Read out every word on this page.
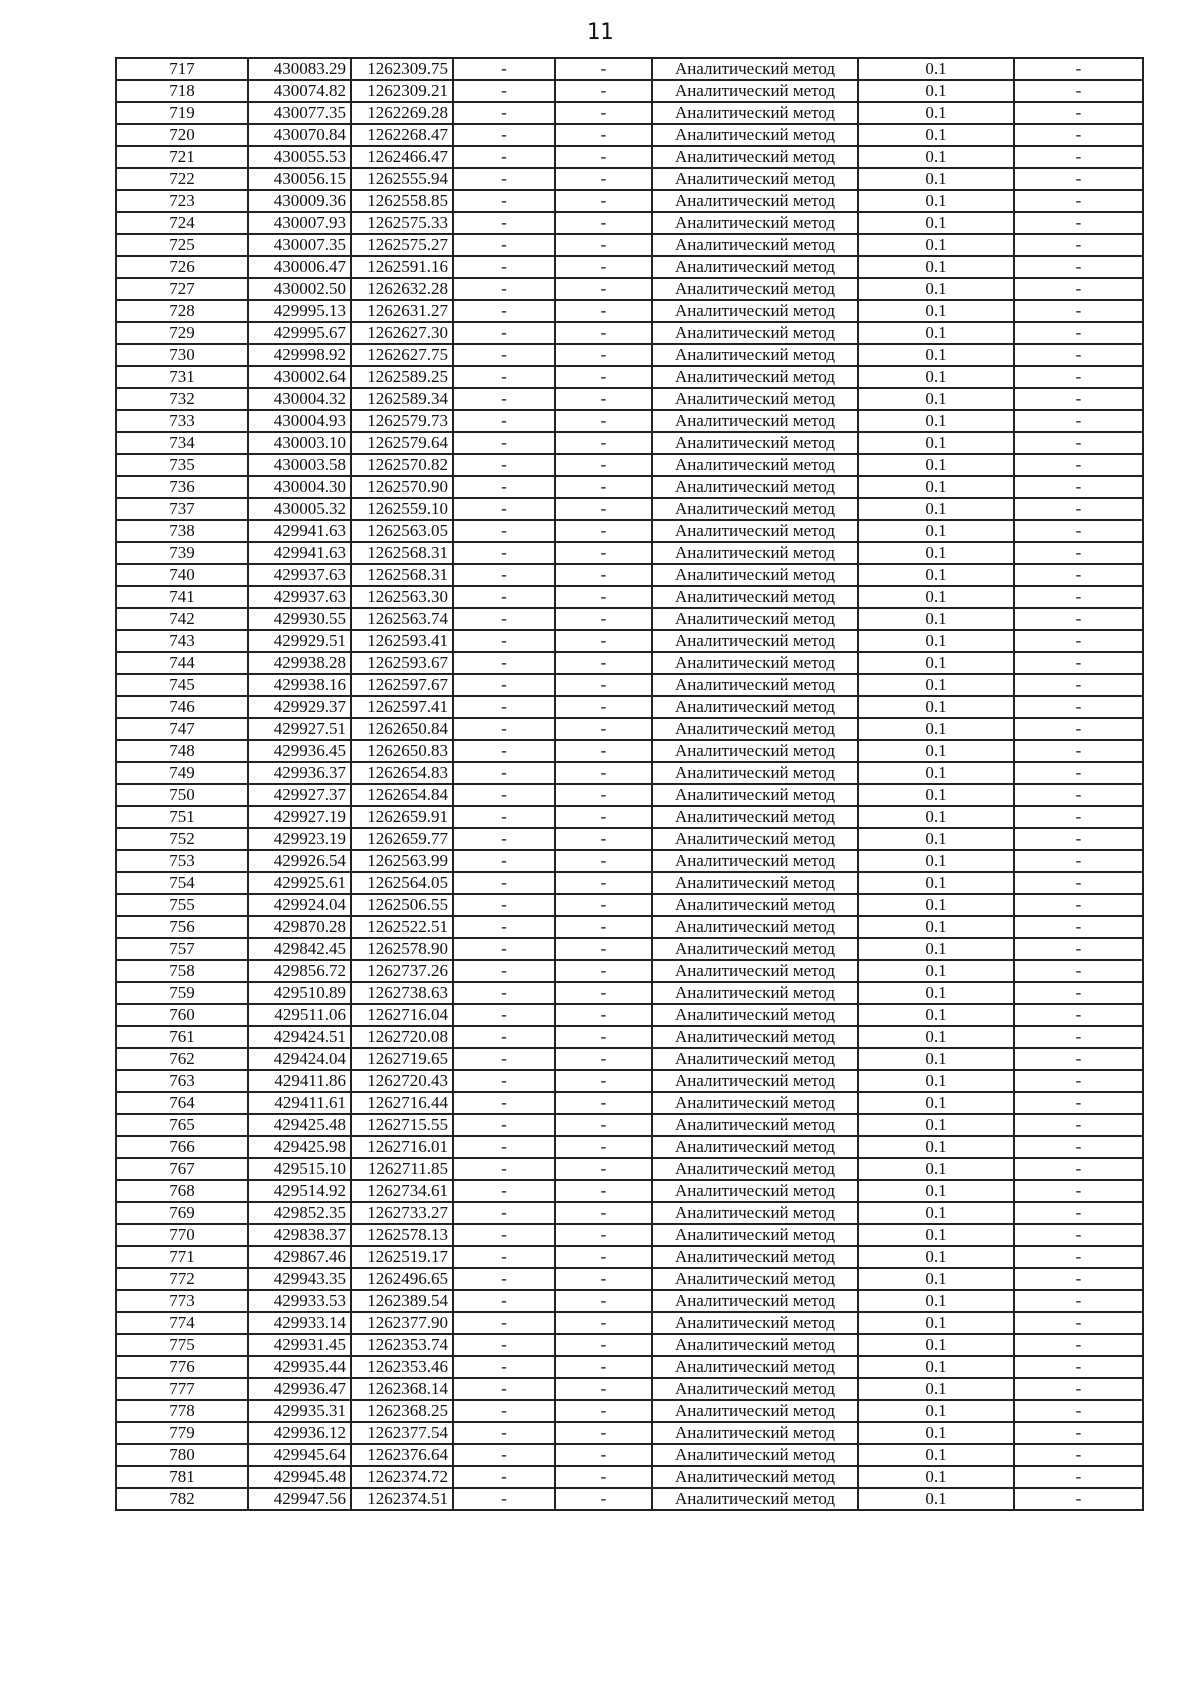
11
717	430083.29	1262309.75	-	-	Аналитический метод	0.1	-
718	430074.82	1262309.21	-	-	Аналитический метод	0.1	-
719	430077.35	1262269.28	-	-	Аналитический метод	0.1	-
720	430070.84	1262268.47	-	-	Аналитический метод	0.1	-
721	430055.53	1262466.47	-	-	Аналитический метод	0.1	-
722	430056.15	1262555.94	-	-	Аналитический метод	0.1	-
723	430009.36	1262558.85	-	-	Аналитический метод	0.1	-
724	430007.93	1262575.33	-	-	Аналитический метод	0.1	-
725	430007.35	1262575.27	-	-	Аналитический метод	0.1	-
726	430006.47	1262591.16	-	-	Аналитический метод	0.1	-
727	430002.50	1262632.28	-	-	Аналитический метод	0.1	-
728	429995.13	1262631.27	-	-	Аналитический метод	0.1	-
729	429995.67	1262627.30	-	-	Аналитический метод	0.1	-
730	429998.92	1262627.75	-	-	Аналитический метод	0.1	-
731	430002.64	1262589.25	-	-	Аналитический метод	0.1	-
732	430004.32	1262589.34	-	-	Аналитический метод	0.1	-
733	430004.93	1262579.73	-	-	Аналитический метод	0.1	-
734	430003.10	1262579.64	-	-	Аналитический метод	0.1	-
735	430003.58	1262570.82	-	-	Аналитический метод	0.1	-
736	430004.30	1262570.90	-	-	Аналитический метод	0.1	-
737	430005.32	1262559.10	-	-	Аналитический метод	0.1	-
738	429941.63	1262563.05	-	-	Аналитический метод	0.1	-
739	429941.63	1262568.31	-	-	Аналитический метод	0.1	-
740	429937.63	1262568.31	-	-	Аналитический метод	0.1	-
741	429937.63	1262563.30	-	-	Аналитический метод	0.1	-
742	429930.55	1262563.74	-	-	Аналитический метод	0.1	-
743	429929.51	1262593.41	-	-	Аналитический метод	0.1	-
744	429938.28	1262593.67	-	-	Аналитический метод	0.1	-
745	429938.16	1262597.67	-	-	Аналитический метод	0.1	-
746	429929.37	1262597.41	-	-	Аналитический метод	0.1	-
747	429927.51	1262650.84	-	-	Аналитический метод	0.1	-
748	429936.45	1262650.83	-	-	Аналитический метод	0.1	-
749	429936.37	1262654.83	-	-	Аналитический метод	0.1	-
750	429927.37	1262654.84	-	-	Аналитический метод	0.1	-
751	429927.19	1262659.91	-	-	Аналитический метод	0.1	-
752	429923.19	1262659.77	-	-	Аналитический метод	0.1	-
753	429926.54	1262563.99	-	-	Аналитический метод	0.1	-
754	429925.61	1262564.05	-	-	Аналитический метод	0.1	-
755	429924.04	1262506.55	-	-	Аналитический метод	0.1	-
756	429870.28	1262522.51	-	-	Аналитический метод	0.1	-
757	429842.45	1262578.90	-	-	Аналитический метод	0.1	-
758	429856.72	1262737.26	-	-	Аналитический метод	0.1	-
759	429510.89	1262738.63	-	-	Аналитический метод	0.1	-
760	429511.06	1262716.04	-	-	Аналитический метод	0.1	-
761	429424.51	1262720.08	-	-	Аналитический метод	0.1	-
762	429424.04	1262719.65	-	-	Аналитический метод	0.1	-
763	429411.86	1262720.43	-	-	Аналитический метод	0.1	-
764	429411.61	1262716.44	-	-	Аналитический метод	0.1	-
765	429425.48	1262715.55	-	-	Аналитический метод	0.1	-
766	429425.98	1262716.01	-	-	Аналитический метод	0.1	-
767	429515.10	1262711.85	-	-	Аналитический метод	0.1	-
768	429514.92	1262734.61	-	-	Аналитический метод	0.1	-
769	429852.35	1262733.27	-	-	Аналитический метод	0.1	-
770	429838.37	1262578.13	-	-	Аналитический метод	0.1	-
771	429867.46	1262519.17	-	-	Аналитический метод	0.1	-
772	429943.35	1262496.65	-	-	Аналитический метод	0.1	-
773	429933.53	1262389.54	-	-	Аналитический метод	0.1	-
774	429933.14	1262377.90	-	-	Аналитический метод	0.1	-
775	429931.45	1262353.74	-	-	Аналитический метод	0.1	-
776	429935.44	1262353.46	-	-	Аналитический метод	0.1	-
777	429936.47	1262368.14	-	-	Аналитический метод	0.1	-
778	429935.31	1262368.25	-	-	Аналитический метод	0.1	-
779	429936.12	1262377.54	-	-	Аналитический метод	0.1	-
780	429945.64	1262376.64	-	-	Аналитический метод	0.1	-
781	429945.48	1262374.72	-	-	Аналитический метод	0.1	-
782	429947.56	1262374.51	-	-	Аналитический метод	0.1	-
